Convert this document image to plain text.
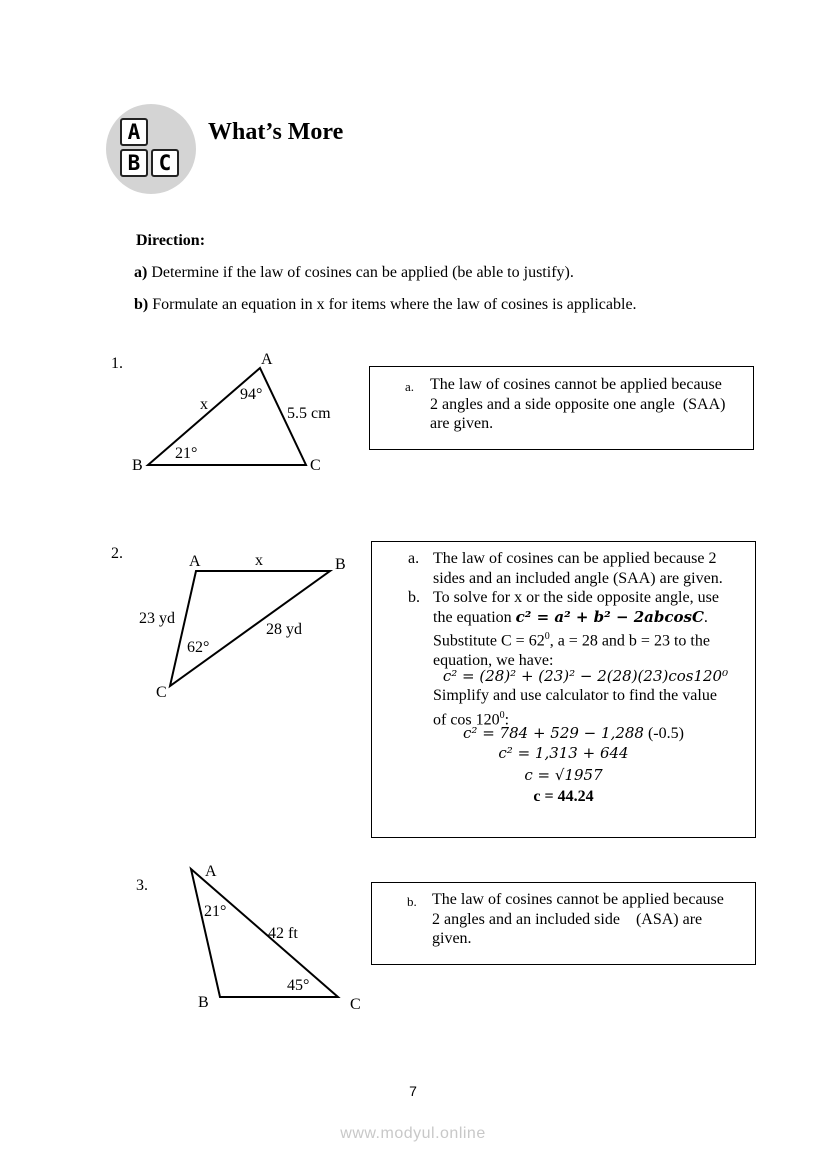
A
B C
What’s More
Direction:
a) Determine if the law of cosines can be applied (be able to justify).
b) Formulate an equation in x for items where the law of cosines is applicable.
1.	A
B	C
x
5.5 cm
94°
21°
a. The law of cosines cannot be applied because
2 angles and a side opposite one angle  (SAA)
are given.
2.	A	B
C
x
23 yd
28 yd
62°
a. The law of cosines can be applied because 2
sides and an included angle (SAA) are given.
b. To solve for x or the side opposite angle, use
the equation c² = a² + b² − 2abcosC.
Substitute $C = 62^0$, a = 28 and b = 23 to the
equation, we have:
c² = (28)² + (23)² − 2(28)(23)cos120⁰
Simplify and use calculator to find the value
of $\cos 120^0$:
c² = 784 + 529 − 1,288 (-0.5)
c² = 1,313 + 644
c = √1957
c = 44.24
3.
A
B	C
42 ft
21°
45°
b. The law of cosines cannot be applied because
2 angles and an included side    (ASA) are
given.
7
www.modyul.online
